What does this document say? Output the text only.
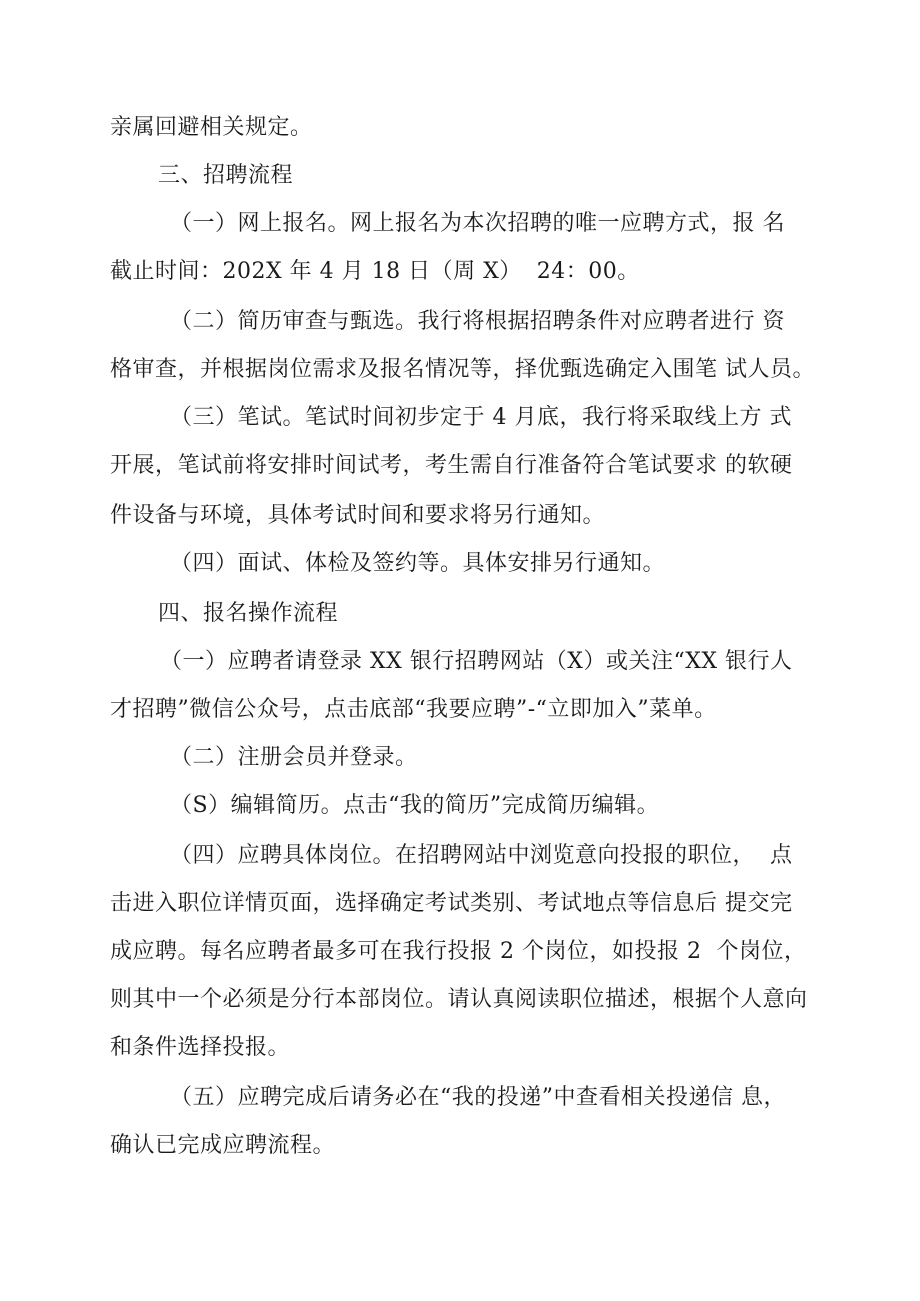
亲属回避相关规定。
三、招聘流程
（一）网上报名。网上报名为本次招聘的唯一应聘方式，报 名
截止时间：202X 年 4 月 18 日（周 X）  24：00。
（二）简历审查与甄选。我行将根据招聘条件对应聘者进行 资
格审查，并根据岗位需求及报名情况等，择优甄选确定入围笔 试人员。
（三）笔试。笔试时间初步定于 4 月底，我行将采取线上方 式
开展，笔试前将安排时间试考，考生需自行准备符合笔试要求 的软硬
件设备与环境，具体考试时间和要求将另行通知。
（四）面试、体检及签约等。具体安排另行通知。
四、报名操作流程
（一）应聘者请登录 XX 银行招聘网站（X）或关注“XX 银行人
才招聘”微信公众号，点击底部“我要应聘”-“立即加入”菜单。
（二）注册会员并登录。
（S）编辑简历。点击“我的简历”完成简历编辑。
（四）应聘具体岗位。在招聘网站中浏览意向投报的职位，  点
击进入职位详情页面，选择确定考试类别、考试地点等信息后 提交完
成应聘。每名应聘者最多可在我行投报 2 个岗位，如投报 2  个岗位，
则其中一个必须是分行本部岗位。请认真阅读职位描述，根据个人意向
和条件选择投报。
（五）应聘完成后请务必在“我的投递”中查看相关投递信 息，
确认已完成应聘流程。
